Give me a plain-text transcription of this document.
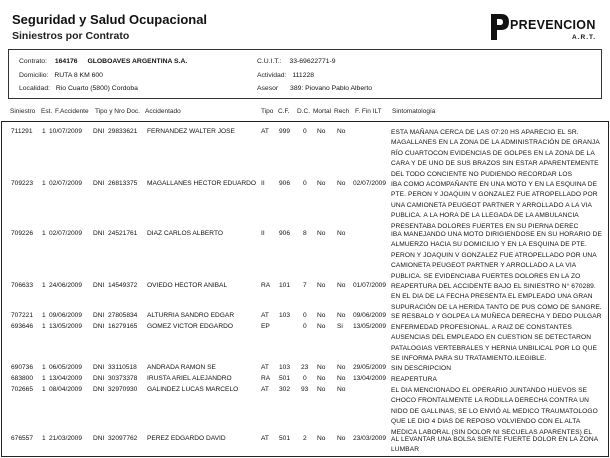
Seguridad y Salud Ocupacional
Siniestros por Contrato
PREVENCION
A.R.T.
Contrato: 164176 GLOBOAVES ARGENTINA S.A.	C.U.I.T.: 33-69622771-9
Domicilio: RUTA 8 KM 600	Actividad: 111228
Localidad: Rio Cuarto (5800) Cordoba	Asesor 389: Piovano Pablo Alberto
Siniestro Est. F.Accidente Tipo y Nro Doc. Accidentado	Tipo C.F. D.C. Mortal Rech F. Fin ILT Sintomatología
711291 1 10/07/2009 DNI 29833621 FERNANDEZ WALTER JOSE	AT 999 0 No No	ESTA MAÑANA CERCA DE LAS 07:20 HS APARECIO EL SR. MAGALLANES EN LA ZONA DE LA ADMINISTRACIÓN DE GRANJA RÍO CUARTOCON EVIDENCIAS DE GOLPES EN LA ZONA DE LA CARA Y DE UNO DE SUS BRAZOS SIN ESTAR APARENTEMENTE DEL TODO CONCIENTE NO PUDIENDO RECORDAR LOS
709223 1 02/07/2009 DNI 26813375 MAGALLANES HECTOR EDUARDO II 906 0 No No 02/07/2009 IBA COMO ACOMPAÑANTE EN UNA MOTO Y EN LA ESQUINA DE PTE. PERON Y JOAQUIN V GONZALEZ FUE ATROPELLADO POR UNA CAMIONETA PEUGEOT PARTNER Y ARROLLADO A LA VIA PUBLICA. A LA HORA DE LA LLEGADA DE LA AMBULANCIA PRESENTABA DOLORES FUERTES EN SU PIERNA DEREC
709226 1 02/07/2009 DNI 24521761 DIAZ CARLOS ALBERTO	II 906 8 No No	IBA MANEJANDO UNA MOTO DIRIGIENDOSE EN SU HORARIO DE ALMUERZO HACIA SU DOMICILIO Y EN LA ESQUINA DE PTE. PERON Y JOAQUIN V GONZALEZ FUE ATROPELLADO POR UNA CAMIONETA PEUGEOT PARTNER Y ARROLLADO A LA VIA PUBLICA. SE EVIDENCIABA FUERTES DOLORES EN LA ZO
706633 1 24/06/2009 DNI 14549372 OVIEDO HECTOR ANIBAL	RA 101 7 No No 01/07/2009 REAPERTURA DEL ACCIDENTE BAJO EL SINIESTRO N° 670289. EN EL DIA DE LA FECHA PRESENTA EL EMPLEADO UNA GRAN SUPURACIÓN DE LA HERIDA TANTO DE PUS COMO DE SANGRE.
707221 1 09/06/2009 DNI 27805834 ALTURRIA SANDRO EDGAR	AT 103 0 No No 09/06/2009 SE RESBALO Y GOLPEA LA MUÑECA DERECHA Y DEDO PULGAR
693646 1 13/05/2009 DNI 16279165 GOMEZ VICTOR EDGARDO	EP	0 No Si 13/05/2009 ENFERMEDAD PROFESIONAL. A RAIZ DE CONSTANTES AUSENCIAS DEL EMPLEADO EN CUESTION SE DETECTARON PATALOGIAS VERTEBRALES Y HERNIA UNBILICAL POR LO QUE SE INFORMA PARA SU TRATAMIENTO.ILEGIBLE.
690736 1 06/05/2009 DNI 33110518 ANDRADA RAMON SE	AT 103 23 No No 29/05/2009 SIN DESCRIPCION
683800 1 13/04/2009 DNI 30373378 IRUSTA ARIEL ALEJANDRO	RA 501 0 No No 13/04/2009 REAPERTURA
702665 1 08/04/2009 DNI 32970930 GALINDEZ LUCAS MARCELO	AT 302 93 No No	EL DIA MENCIONADO EL OPERARIO JUNTANDO HUEVOS SE CHOCO FRONTALMENTE LA RODILLA DERECHA CONTRA UN NIDO DE GALLINAS, SE LO ENVIÓ AL MEDICO TRAUMATOLOGO QUE LE DIO 4 DIAS DE REPOSO VOLVIENDO CON EL ALTA MEDICA LABORAL (SIN DOLOR NI SECUELAS APARENTES) EL
676557 1 21/03/2009 DNI 32097762 PEREZ EDGARDO DAVID	AT 501 2 No No 23/03/2009 AL LEVANTAR UNA BOLSA SIENTE FUERTE DOLOR EN LA ZONA LUMBAR
